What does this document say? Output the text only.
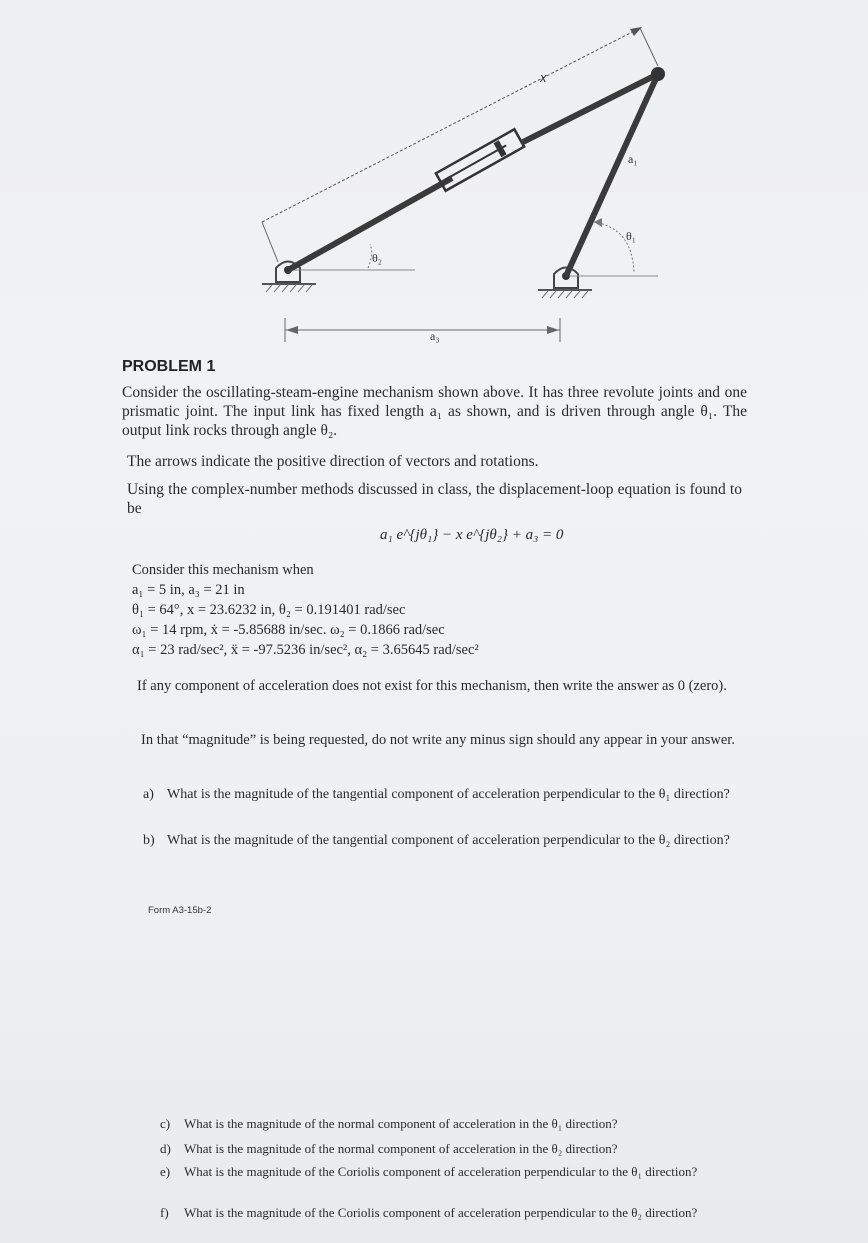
x
a₁
θ₁
θ₂
a₃
PROBLEM 1
Consider the oscillating-steam-engine mechanism shown above. It has three revolute joints and one prismatic joint. The input link has fixed length a₁ as shown, and is driven through angle θ₁. The output link rocks through angle θ₂.
The arrows indicate the positive direction of vectors and rotations.
Using the complex-number methods discussed in class, the displacement-loop equation is found to be
a₁ e^{jθ₁} − x e^{jθ₂} + a₃ = 0
Consider this mechanism when
a₁ = 5 in, a₃ = 21 in
θ₁ = 64°, x = 23.6232 in, θ₂ = 0.191401 rad/sec
ω₁ = 14 rpm, ẋ = -5.85688 in/sec. ω₂ = 0.1866 rad/sec
α₁ = 23 rad/sec², ẍ = -97.5236 in/sec², α₂ = 3.65645 rad/sec²
If any component of acceleration does not exist for this mechanism, then write the answer as 0 (zero).
In that “magnitude” is being requested, do not write any minus sign should any appear in your answer.
a) What is the magnitude of the tangential component of acceleration perpendicular to the θ₁ direction?
b) What is the magnitude of the tangential component of acceleration perpendicular to the θ₂ direction?
Form A3-15b-2
c) What is the magnitude of the normal component of acceleration in the θ₁ direction?
d) What is the magnitude of the normal component of acceleration in the θ₂ direction?
e) What is the magnitude of the Coriolis component of acceleration perpendicular to the θ₁ direction?
f) What is the magnitude of the Coriolis component of acceleration perpendicular to the θ₂ direction?
